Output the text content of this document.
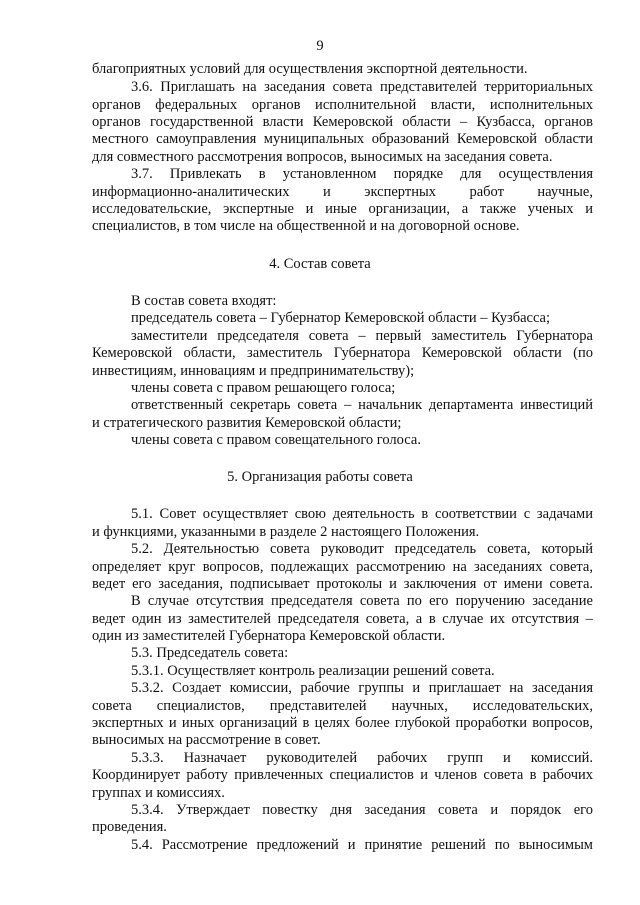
9

благоприятных условий для осуществления экспортной деятельности.

3.6. Приглашать на заседания совета представителей территориальных

органов федеральных органов исполнительной власти, исполнительных

органов государственной власти Кемеровской области – Кузбасса, органов

местного самоуправления муниципальных образований Кемеровской области

для совместного рассмотрения вопросов, выносимых на заседания совета.

3.7. Привлекать в установленном порядке для осуществления

информационно-аналитических и экспертных работ научные,

исследовательские, экспертные и иные организации, а также ученых и

специалистов, в том числе на общественной и на договорной основе.

4. Состав совета

В состав совета входят:

председатель совета – Губернатор Кемеровской области – Кузбасса;

заместители председателя совета – первый заместитель Губернатора

Кемеровской области, заместитель Губернатора Кемеровской области (по

инвестициям, инновациям и предпринимательству);

члены совета с правом решающего голоса;

ответственный секретарь совета – начальник департамента инвестиций

и стратегического развития Кемеровской области;

члены совета с правом совещательного голоса.

5. Организация работы совета

5.1. Совет осуществляет свою деятельность в соответствии с задачами

и функциями, указанными в разделе 2 настоящего Положения.

5.2. Деятельностью совета руководит председатель совета, который

определяет круг вопросов, подлежащих рассмотрению на заседаниях совета,

ведет его заседания, подписывает протоколы и заключения от имени совета.

В случае отсутствия председателя совета по его поручению заседание

ведет один из заместителей председателя совета, а в случае их отсутствия –

один из заместителей Губернатора Кемеровской области.

5.3. Председатель совета:

5.3.1. Осуществляет контроль реализации решений совета.

5.3.2. Создает комиссии, рабочие группы и приглашает на заседания

совета специалистов, представителей научных, исследовательских,

экспертных и иных организаций в целях более глубокой проработки вопросов,

выносимых на рассмотрение в совет.

5.3.3. Назначает руководителей рабочих групп и комиссий.

Координирует работу привлеченных специалистов и членов совета в рабочих

группах и комиссиях.

5.3.4. Утверждает повестку дня заседания совета и порядок его

проведения.

5.4. Рассмотрение предложений и принятие решений по выносимым
